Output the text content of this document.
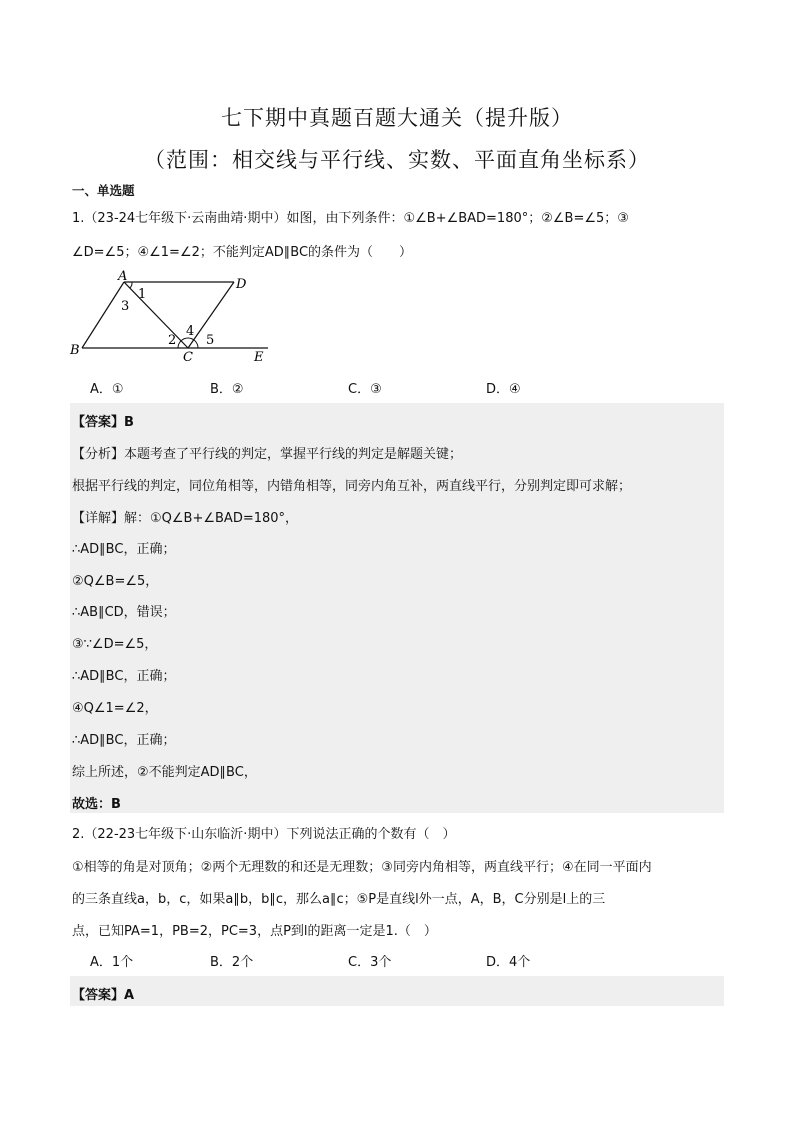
七下期中真题百题大通关（提升版）
（范围：相交线与平行线、实数、平面直角坐标系）
一、单选题
1.（23-24七年级下·云南曲靖·期中）如图，由下列条件：①∠B+∠BAD=180°；②∠B=∠5；③
∠D=∠5；④∠1=∠2；不能判定AD∥BC的条件为（　　）
A
D
B	C	E
1
3
2
4
5
A．①	B．②	C．③	D．④
【答案】B
【分析】本题考查了平行线的判定，掌握平行线的判定是解题关键；
根据平行线的判定，同位角相等，内错角相等，同旁内角互补，两直线平行，分别判定即可求解；
【详解】解：①Q∠B+∠BAD=180°，
∴AD∥BC，正确；
②Q∠B=∠5，
∴AB∥CD，错误；
③∵∠D=∠5，
∴AD∥BC，正确；
④Q∠1=∠2，
∴AD∥BC，正确；
综上所述，②不能判定AD∥BC，
故选：B
2.（22-23七年级下·山东临沂·期中）下列说法正确的个数有（　）
①相等的角是对顶角；②两个无理数的和还是无理数；③同旁内角相等，两直线平行；④在同一平面内
的三条直线a，b，c，如果a∥b，b∥c，那么a∥c；⑤P是直线l外一点，A，B，C分别是l上的三
点，已知PA=1，PB=2，PC=3，点P到l的距离一定是1.（　）
A．1个	B．2个	C．3个	D．4个
【答案】A
